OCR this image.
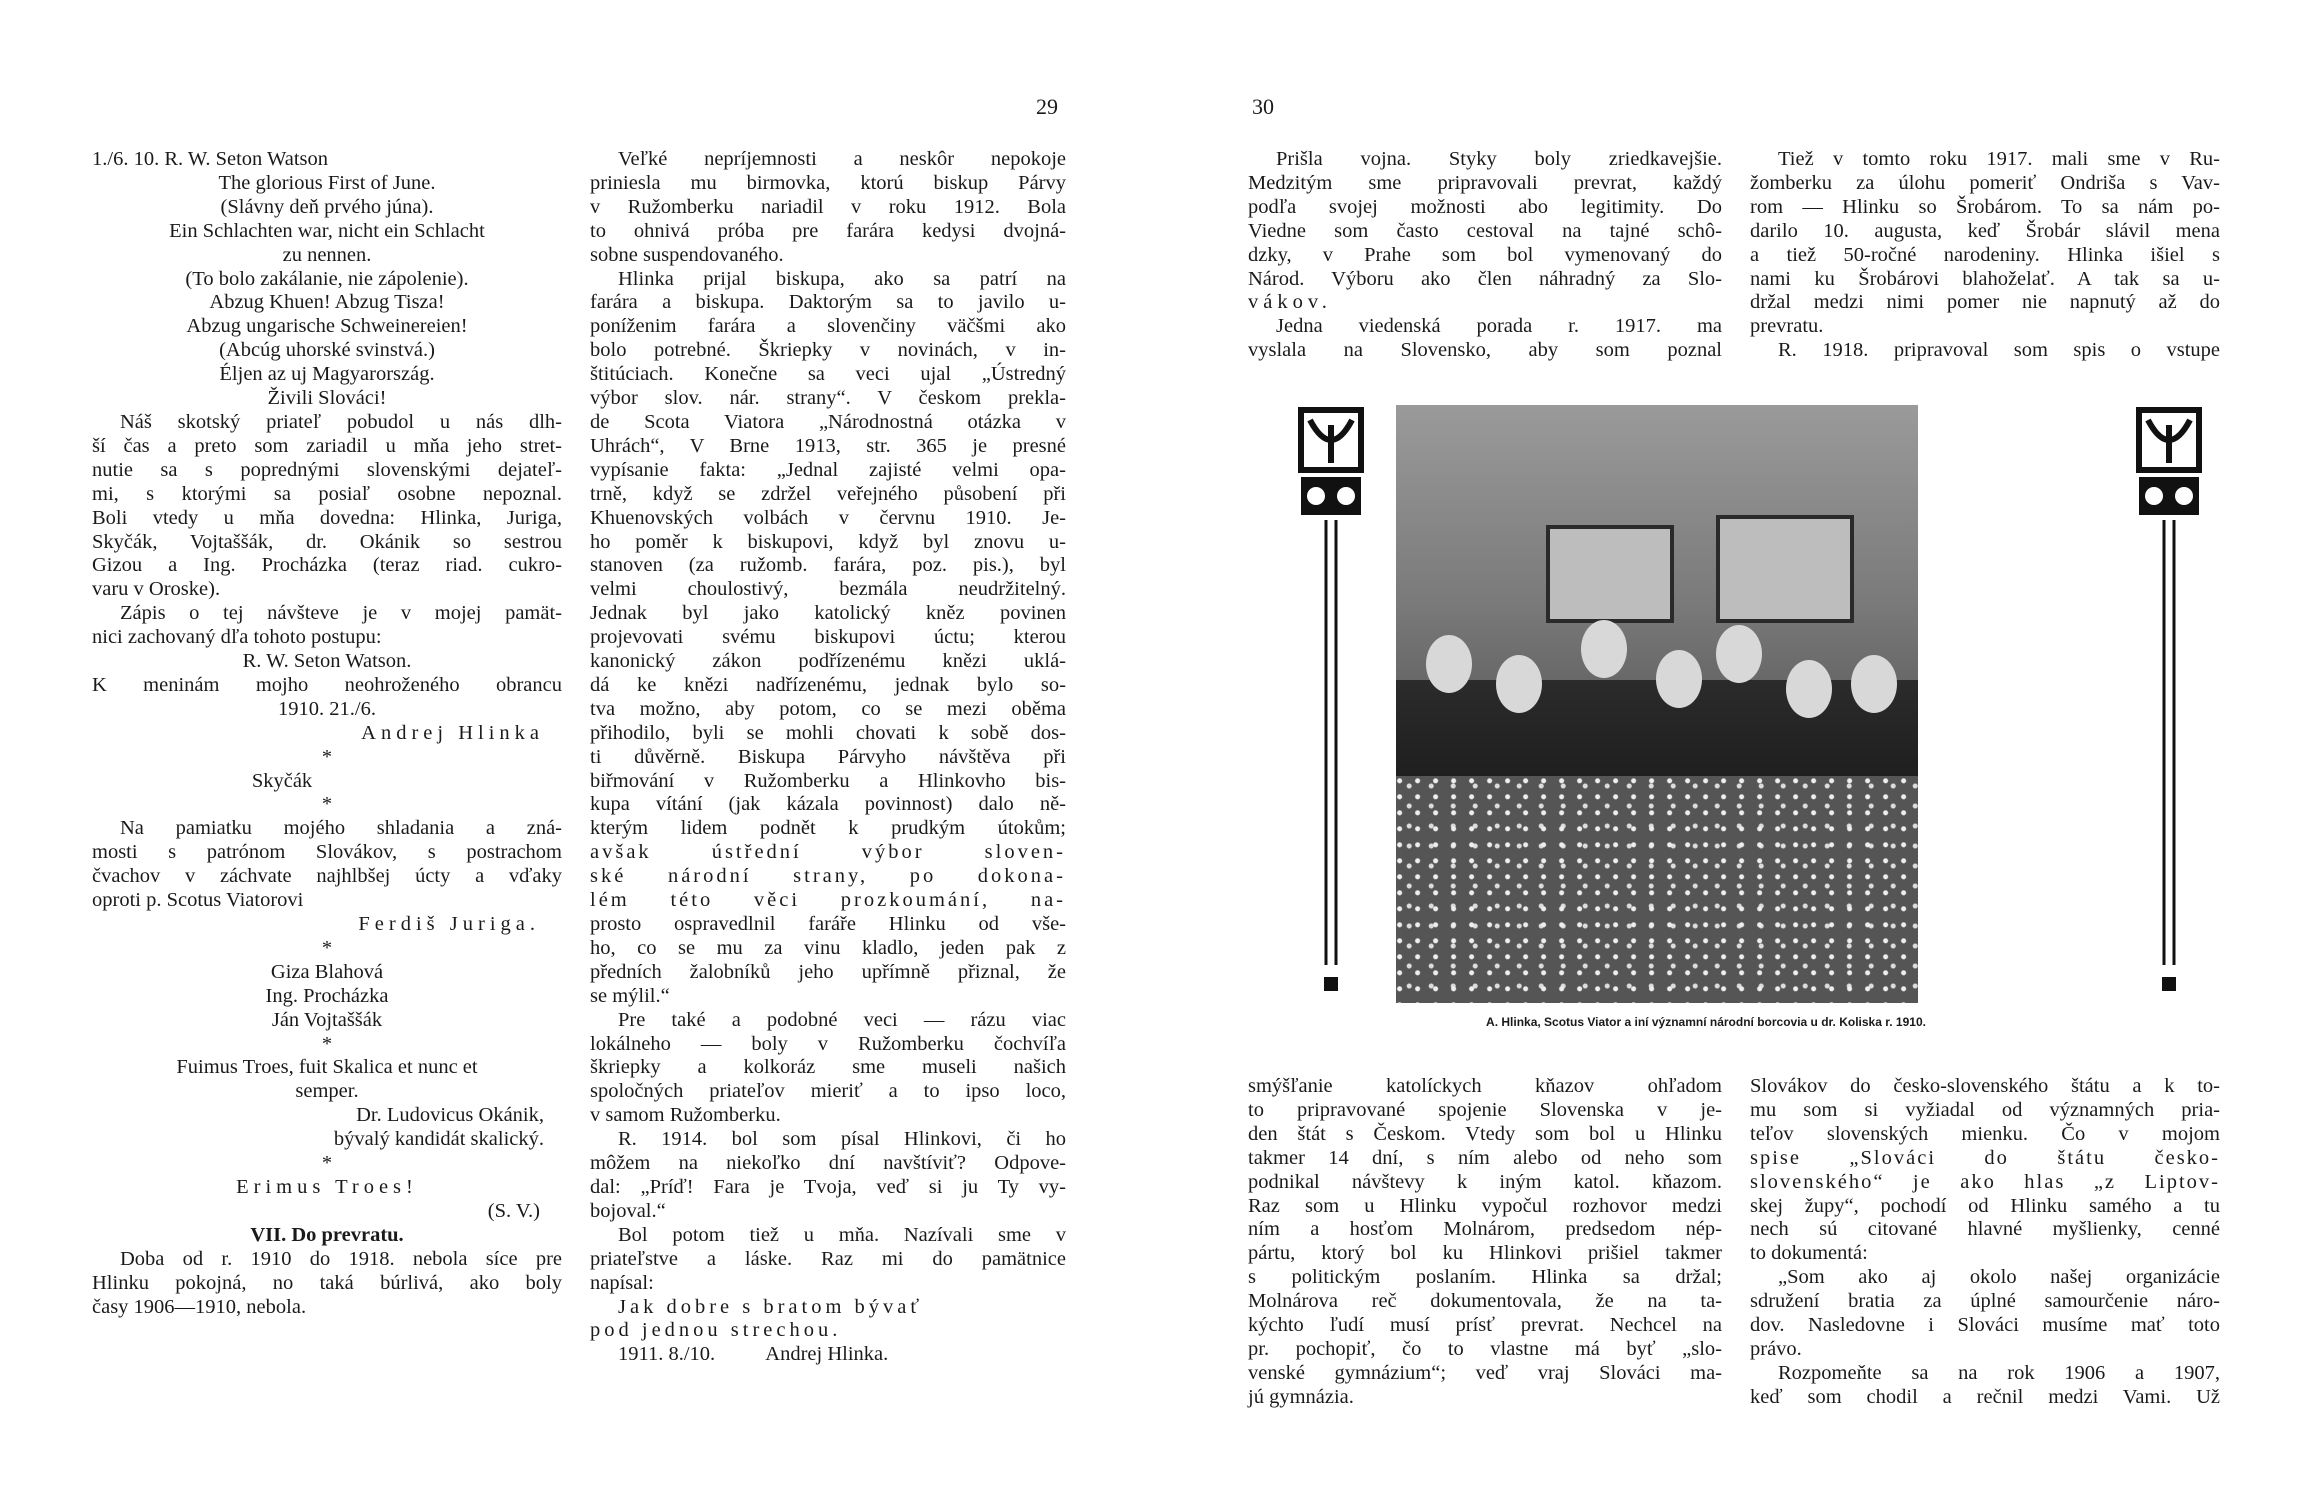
29	30
1./6. 10. R. W. Seton Watson
The glorious First of June.
(Slávny deň prvého júna).
Ein Schlachten war, nicht ein Schlacht
zu nennen.
(To bolo zakálanie, nie zápolenie).
Abzug Khuen! Abzug Tisza!
Abzug ungarische Schweinereien!
(Abcúg uhorské svinstvá.)
Éljen az uj Magyarország.
Živili Slováci!
Náš skotský priateľ pobudol u nás dlh-
ší čas a preto som zariadil u mňa jeho stret-
nutie sa s poprednými slovenskými dejateľ-
mi, s ktorými sa posiaľ osobne nepoznal.
Boli vtedy u mňa dovedna: Hlinka, Juriga,
Skyčák, Vojtaššák, dr. Okánik so sestrou
Gizou a Ing. Procházka (teraz riad. cukro-
varu v Oroske).
Zápis o tej návšteve je v mojej pamät-
nici zachovaný dľa tohoto postupu:
R. W. Seton Watson.
K meninám mojho neohroženého obrancu
1910. 21./6.
Andrej Hlinka
*
Skyčák
*
Na pamiatku mojého shladania a zná-
mosti s patrónom Slovákov, s postrachom
čvachov v záchvate najhlbšej úcty a vďaky
oproti p. Scotus Viatorovi
Ferdiš Juriga.
*
Giza Blahová
Ing. Procházka
Ján Vojtaššák
*
Fuimus Troes, fuit Skalica et nunc et
semper.
Dr. Ludovicus Okánik,
bývalý kandidát skalický.
*
Erimus Troes!
(S. V.)
VII. Do prevratu.
Doba od r. 1910 do 1918. nebola síce pre
Hlinku pokojná, no taká búrlivá, ako boly
časy 1906—1910, nebola.
Veľké nepríjemnosti a neskôr nepokoje
priniesla mu birmovka, ktorú biskup Párvy
v Ružomberku nariadil v roku 1912. Bola
to ohnivá próba pre farára kedysi dvojná-
sobne suspendovaného.
Hlinka prijal biskupa, ako sa patrí na
farára a biskupa. Daktorým sa to javilo u-
poníženim farára a slovenčiny väčšmi ako
bolo potrebné. Škriepky v novinách, v in-
štitúciach. Konečne sa veci ujal „Ústredný
výbor slov. nár. strany“. V českom prekla-
de Scota Viatora „Národnostná otázka v
Uhrách“, V Brne 1913, str. 365 je presné
vypísanie fakta: „Jednal zajisté velmi opa-
trně, když se zdržel veřejného působení při
Khuenovských volbách v červnu 1910. Je-
ho poměr k biskupovi, když byl znovu u-
stanoven (za ružomb. farára, poz. pis.), byl
velmi choulostivý, bezmála neudržitelný.
Jednak byl jako katolický kněz povinen
projevovati svému biskupovi úctu; kterou
kanonický zákon podřízenému knězi uklá-
dá ke knězi nadřízenému, jednak bylo so-
tva možno, aby potom, co se mezi oběma
přihodilo, byli se mohli chovati k sobě dos-
ti důvěrně. Biskupa Párvyho návštěva při
biřmování v Ružomberku a Hlinkovho bis-
kupa vítání (jak kázala povinnost) dalo ně-
kterým lidem podnět k prudkým útokům;
avšak ústřední výbor sloven-
ské národní strany, po dokona-
lém této věci prozkoumání, na-
prosto ospravedlnil faráře Hlinku od vše-
ho, co se mu za vinu kladlo, jeden pak z
předních žalobníků jeho upřímně přiznal, že
se mýlil.“
Pre také a podobné veci — rázu viac
lokálneho — boly v Ružomberku čochvíľa
škriepky a kolkoráz sme museli našich
spoločných priateľov mieriť a to ipso loco,
v samom Ružomberku.
R. 1914. bol som písal Hlinkovi, či ho
môžem na niekoľko dní navštíviť? Odpove-
dal: „Príď! Fara je Tvoja, veď si ju Ty vy-
bojoval.“
Bol potom tiež u mňa. Nazívali sme v
priateľstve a láske. Raz mi do pamätnice
napísal:
Jak dobre s bratom bývať
pod jednou strechou.
1911. 8./10.          Andrej Hlinka.
Prišla vojna. Styky boly zriedkavejšie.
Medzitým sme pripravovali prevrat, každý
podľa svojej možnosti abo legitimity. Do
Viedne som často cestoval na tajné schô-
dzky, v Prahe som bol vymenovaný do
Národ. Výboru ako člen náhradný za Slo-
vákov.
Jedna viedenská porada r. 1917. ma
vyslala na Slovensko, aby som poznal
Tiež v tomto roku 1917. mali sme v Ru-
žomberku za úlohu pomeriť Ondriša s Vav-
rom — Hlinku so Šrobárom. To sa nám po-
darilo 10. augusta, keď Šrobár slávil mena
a tiež 50-ročné narodeniny. Hlinka išiel s
nami ku Šrobárovi blahoželať. A tak sa u-
držal medzi nimi pomer nie napnutý až do
prevratu.
R. 1918. pripravoval som spis o vstupe
A. Hlinka, Scotus Viator a iní významní národní borcovia u dr. Koliska r. 1910.
smýšľanie katolíckych kňazov ohľadom
to pripravované spojenie Slovenska v je-
den štát s Českom. Vtedy som bol u Hlinku
takmer 14 dní, s ním alebo od neho som
podnikal návštevy k iným katol. kňazom.
Raz som u Hlinku vypočul rozhovor medzi
ním a hosťom Molnárom, predsedom nép-
pártu, ktorý bol ku Hlinkovi prišiel takmer
s politickým poslaním. Hlinka sa držal;
Molnárova reč dokumentovala, že na ta-
kýchto ľudí musí prísť prevrat. Nechcel na
pr. pochopiť, čo to vlastne má byť „slo-
venské gymnázium“; veď vraj Slováci ma-
jú gymnázia.
Slovákov do česko-slovenského štátu a k to-
mu som si vyžiadal od významných pria-
teľov slovenských mienku. Čo v mojom
spise „Slováci do štátu česko-
slovenského“ je ako hlas „z Liptov-
skej župy“, pochodí od Hlinku samého a tu
nech sú citované hlavné myšlienky, cenné
to dokumentá:
„Som ako aj okolo našej organizácie
sdružení bratia za úplné samourčenie náro-
dov. Nasledovne i Slováci musíme mať toto
právo.
Rozpomeňte sa na rok 1906 a 1907,
keď som chodil a rečnil medzi Vami. Už
